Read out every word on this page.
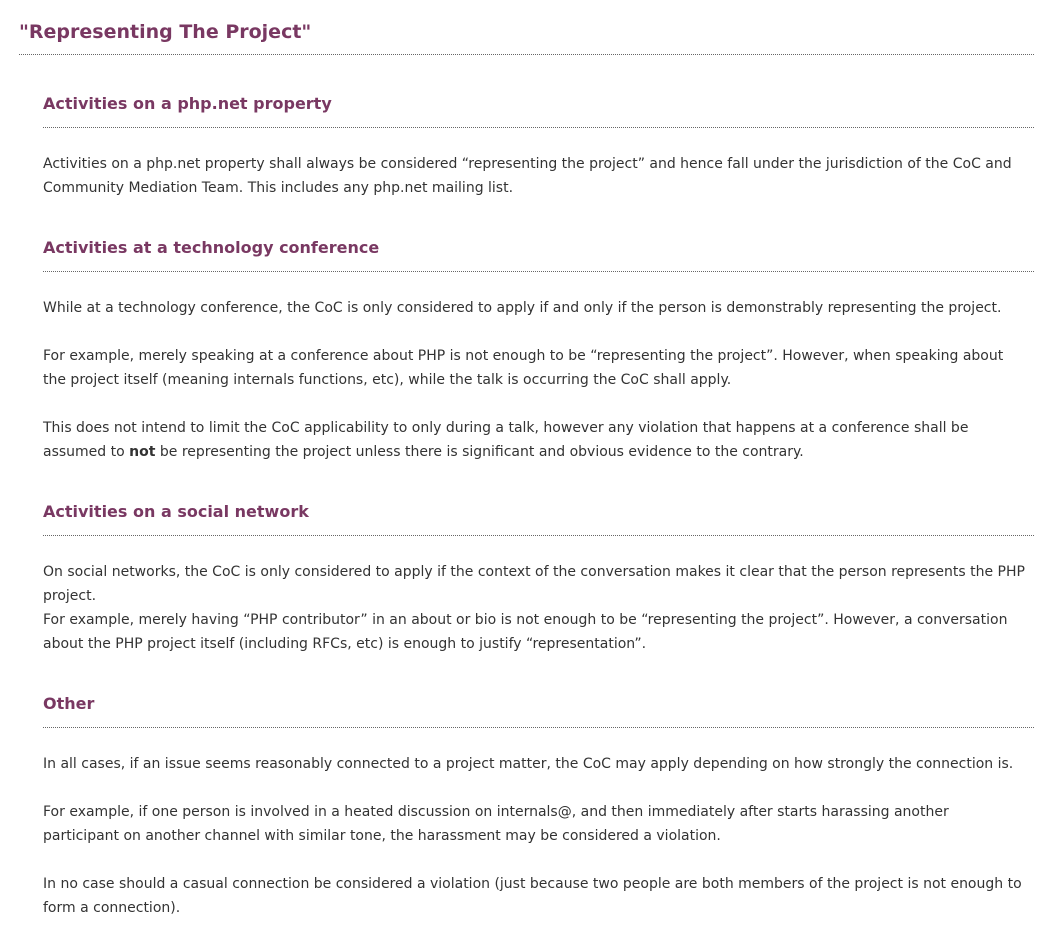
"Representing The Project"
Activities on a php.net property

Activities on a php.net property shall always be considered “representing the project” and hence fall under the jurisdiction of the CoC and Community Mediation Team. This includes any php.net mailing list.

Activities at a technology conference

While at a technology conference, the CoC is only considered to apply if and only if the person is demonstrably representing the project.

For example, merely speaking at a conference about PHP is not enough to be “representing the project”. However, when speaking about the project itself (meaning internals functions, etc), while the talk is occurring the CoC shall apply.

This does not intend to limit the CoC applicability to only during a talk, however any violation that happens at a conference shall be assumed to not be representing the project unless there is significant and obvious evidence to the contrary.

Activities on a social network

On social networks, the CoC is only considered to apply if the context of the conversation makes it clear that the person represents the PHP project.

For example, merely having “PHP contributor” in an about or bio is not enough to be “representing the project”. However, a conversation about the PHP project itself (including RFCs, etc) is enough to justify “representation”.

Other

In all cases, if an issue seems reasonably connected to a project matter, the CoC may apply depending on how strongly the connection is.

For example, if one person is involved in a heated discussion on internals@, and then immediately after starts harassing another participant on another channel with similar tone, the harassment may be considered a violation.

In no case should a casual connection be considered a violation (just because two people are both members of the project is not enough to form a connection).
